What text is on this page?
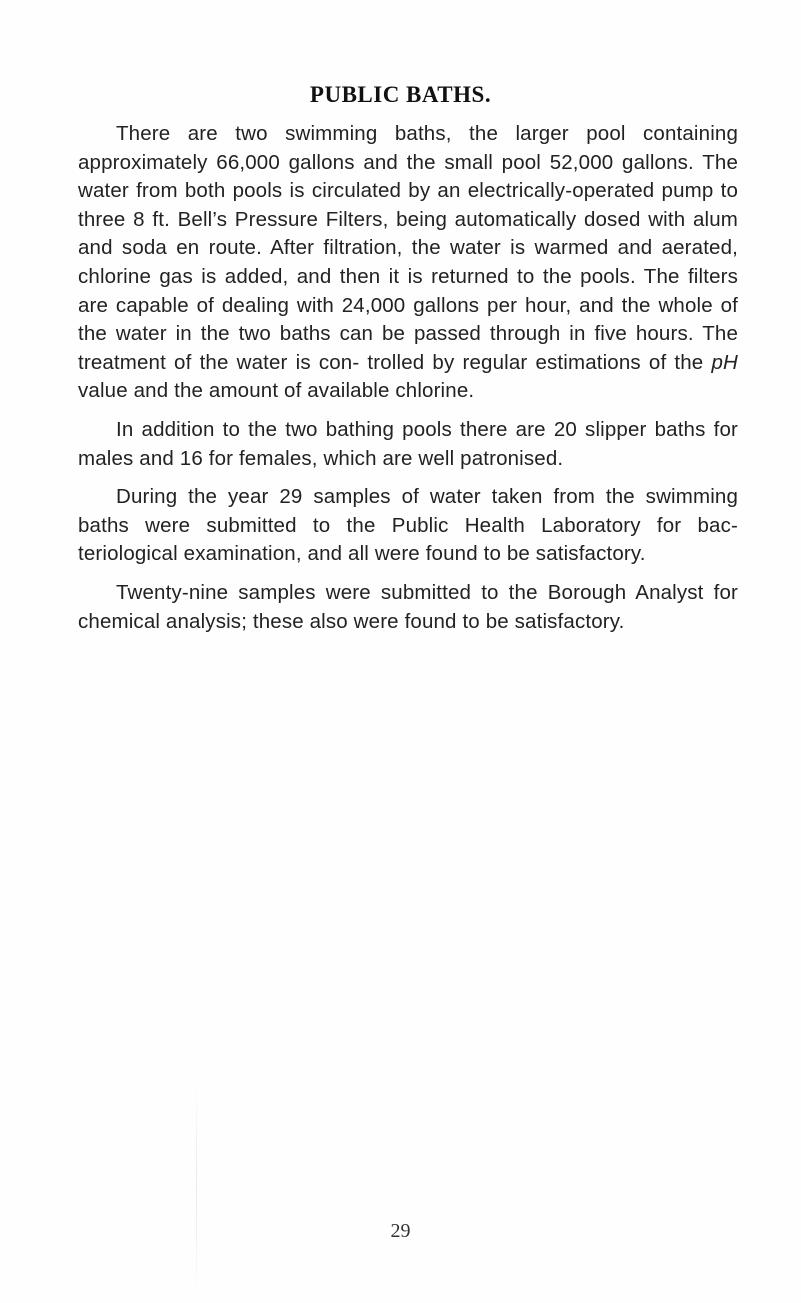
PUBLIC BATHS.

There are two swimming baths, the larger pool containing approximately 66,000 gallons and the small pool 52,000 gallons. The water from both pools is circulated by an electrically-operated pump to three 8 ft. Bell’s Pressure Filters, being automatically dosed with alum and soda en route. After filtration, the water is warmed and aerated, chlorine gas is added, and then it is returned to the pools. The filters are capable of dealing with 24,000 gallons per hour, and the whole of the water in the two baths can be passed through in five hours. The treatment of the water is con- trolled by regular estimations of the pH value and the amount of available chlorine.

In addition to the two bathing pools there are 20 slipper baths for males and 16 for females, which are well patronised.

During the year 29 samples of water taken from the swimming baths were submitted to the Public Health Laboratory for bac- teriological examination, and all were found to be satisfactory.

Twenty-nine samples were submitted to the Borough Analyst for chemical analysis; these also were found to be satisfactory.

29
